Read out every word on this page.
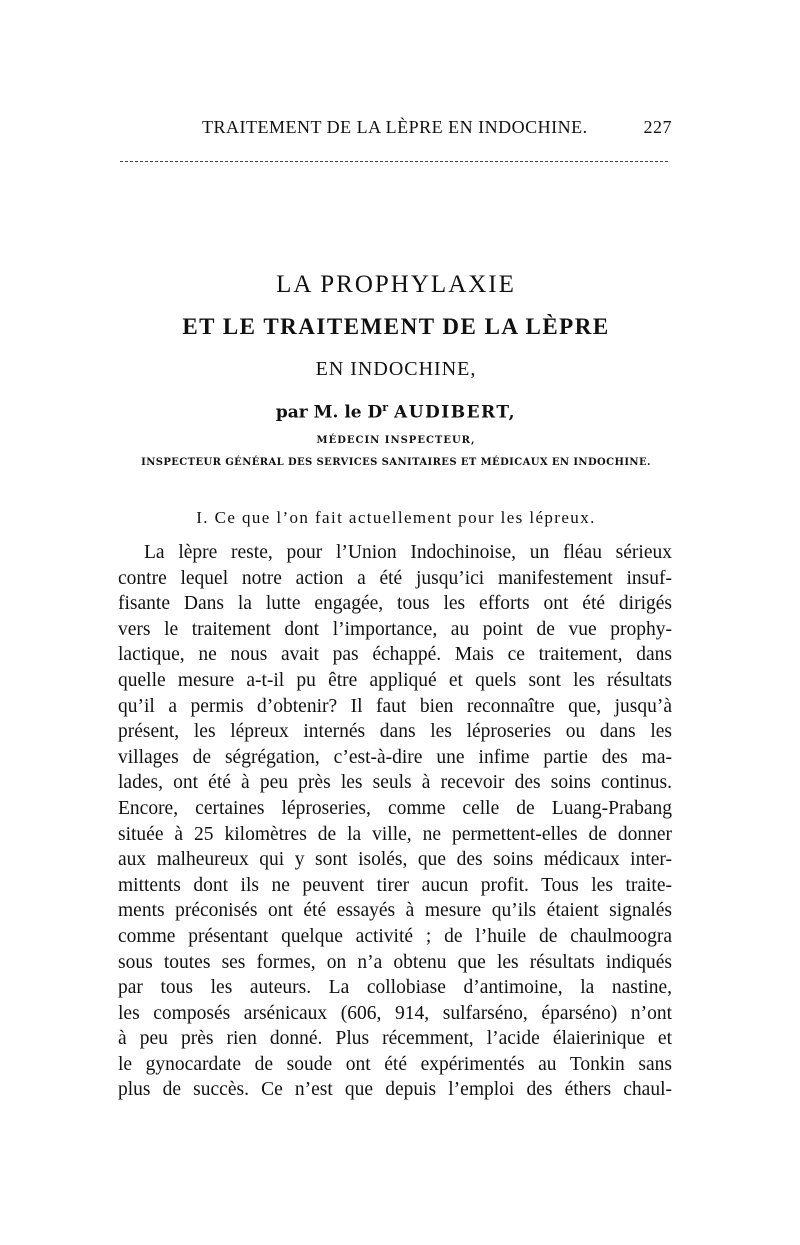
TRAITEMENT DE LA LÈPRE EN INDOCHINE.	227
LA PROPHYLAXIE
ET LE TRAITEMENT DE LA LÈPRE
EN INDOCHINE,
par M. le $D^r$ AUDIBERT,
MÉDECIN INSPECTEUR,
INSPECTEUR GÉNÉRAL DES SERVICES SANITAIRES ET MÉDICAUX EN INDOCHINE.
I. Ce que l’on fait actuellement pour les lépreux.
La lèpre reste, pour l’Union Indochinoise, un fléau sérieux
contre lequel notre action a été jusqu’ici manifestement insuf-
fisante Dans la lutte engagée, tous les efforts ont été dirigés
vers le traitement dont l’importance, au point de vue prophy-
lactique, ne nous avait pas échappé. Mais ce traitement, dans
quelle mesure a-t-il pu être appliqué et quels sont les résultats
qu’il a permis d’obtenir? Il faut bien reconnaître que, jusqu’à
présent, les lépreux internés dans les léproseries ou dans les
villages de ségrégation, c’est-à-dire une infime partie des ma-
lades, ont été à peu près les seuls à recevoir des soins continus.
Encore, certaines léproseries, comme celle de Luang-Prabang
située à 25 kilomètres de la ville, ne permettent-elles de donner
aux malheureux qui y sont isolés, que des soins médicaux inter-
mittents dont ils ne peuvent tirer aucun profit. Tous les traite-
ments préconisés ont été essayés à mesure qu’ils étaient signalés
comme présentant quelque activité ; de l’huile de chaulmoogra
sous toutes ses formes, on n’a obtenu que les résultats indiqués
par tous les auteurs. La collobiase d’antimoine, la nastine,
les composés arsénicaux (606, 914, sulfarséno, éparséno) n’ont
à peu près rien donné. Plus récemment, l’acide élaierinique et
le gynocardate de soude ont été expérimentés au Tonkin sans
plus de succès. Ce n’est que depuis l’emploi des éthers chaul-
